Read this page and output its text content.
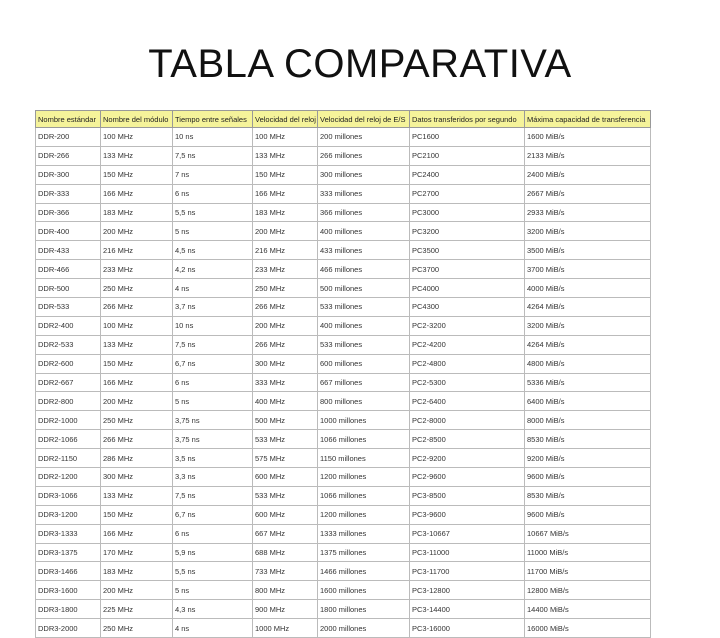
TABLA COMPARATIVA
Nombre estándar	Nombre del módulo	Tiempo entre señales	Velocidad del reloj	Velocidad del reloj de E/S	Datos transferidos por segundo	Máxima capacidad de transferencia
DDR-200	100 MHz	10 ns	100 MHz	200 millones	PC1600	1600 MiB/s
DDR-266	133 MHz	7,5 ns	133 MHz	266 millones	PC2100	2133 MiB/s
DDR-300	150 MHz	7 ns	150 MHz	300 millones	PC2400	2400 MiB/s
DDR-333	166 MHz	6 ns	166 MHz	333 millones	PC2700	2667 MiB/s
DDR-366	183 MHz	5,5 ns	183 MHz	366 millones	PC3000	2933 MiB/s
DDR-400	200 MHz	5 ns	200 MHz	400 millones	PC3200	3200 MiB/s
DDR-433	216 MHz	4,5 ns	216 MHz	433 millones	PC3500	3500 MiB/s
DDR-466	233 MHz	4,2 ns	233 MHz	466 millones	PC3700	3700 MiB/s
DDR-500	250 MHz	4 ns	250 MHz	500 millones	PC4000	4000 MiB/s
DDR-533	266 MHz	3,7 ns	266 MHz	533 millones	PC4300	4264 MiB/s
DDR2-400	100 MHz	10 ns	200 MHz	400 millones	PC2-3200	3200 MiB/s
DDR2-533	133 MHz	7,5 ns	266 MHz	533 millones	PC2-4200	4264 MiB/s
DDR2-600	150 MHz	6,7 ns	300 MHz	600 millones	PC2-4800	4800 MiB/s
DDR2-667	166 MHz	6 ns	333 MHz	667 millones	PC2-5300	5336 MiB/s
DDR2-800	200 MHz	5 ns	400 MHz	800 millones	PC2-6400	6400 MiB/s
DDR2-1000	250 MHz	3,75 ns	500 MHz	1000 millones	PC2-8000	8000 MiB/s
DDR2-1066	266 MHz	3,75 ns	533 MHz	1066 millones	PC2-8500	8530 MiB/s
DDR2-1150	286 MHz	3,5 ns	575 MHz	1150 millones	PC2-9200	9200 MiB/s
DDR2-1200	300 MHz	3,3 ns	600 MHz	1200 millones	PC2-9600	9600 MiB/s
DDR3-1066	133 MHz	7,5 ns	533 MHz	1066 millones	PC3-8500	8530 MiB/s
DDR3-1200	150 MHz	6,7 ns	600 MHz	1200 millones	PC3-9600	9600 MiB/s
DDR3-1333	166 MHz	6 ns	667 MHz	1333 millones	PC3-10667	10667 MiB/s
DDR3-1375	170 MHz	5,9 ns	688 MHz	1375 millones	PC3-11000	11000 MiB/s
DDR3-1466	183 MHz	5,5 ns	733 MHz	1466 millones	PC3-11700	11700 MiB/s
DDR3-1600	200 MHz	5 ns	800 MHz	1600 millones	PC3-12800	12800 MiB/s
DDR3-1800	225 MHz	4,3 ns	900 MHz	1800 millones	PC3-14400	14400 MiB/s
DDR3-2000	250 MHz	4 ns	1000 MHz	2000 millones	PC3-16000	16000 MiB/s
